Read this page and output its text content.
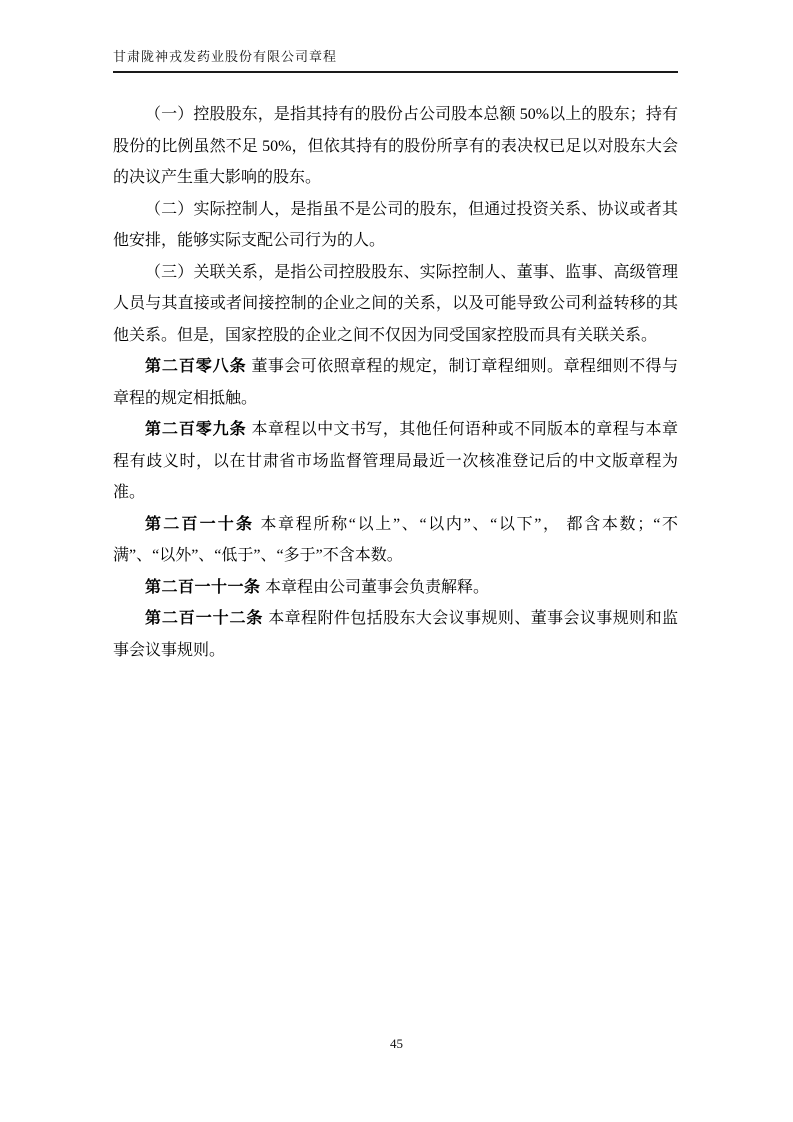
甘肃陇神戎发药业股份有限公司章程

（一）控股股东，是指其持有的股份占公司股本总额 50%以上的股东；持有股份的比例虽然不足 50%，但依其持有的股份所享有的表决权已足以对股东大会的决议产生重大影响的股东。

（二）实际控制人，是指虽不是公司的股东，但通过投资关系、协议或者其他安排，能够实际支配公司行为的人。

（三）关联关系，是指公司控股股东、实际控制人、董事、监事、高级管理人员与其直接或者间接控制的企业之间的关系，以及可能导致公司利益转移的其他关系。但是，国家控股的企业之间不仅因为同受国家控股而具有关联关系。

第二百零八条 董事会可依照章程的规定，制订章程细则。章程细则不得与章程的规定相抵触。

第二百零九条 本章程以中文书写，其他任何语种或不同版本的章程与本章程有歧义时，以在甘肃省市场监督管理局最近一次核准登记后的中文版章程为准。

第二百一十条 本章程所称“以上”、“以内”、“以下”， 都含本数；“不满”、“以外”、“低于”、“多于”不含本数。

第二百一十一条 本章程由公司董事会负责解释。

第二百一十二条 本章程附件包括股东大会议事规则、董事会议事规则和监事会议事规则。

45
